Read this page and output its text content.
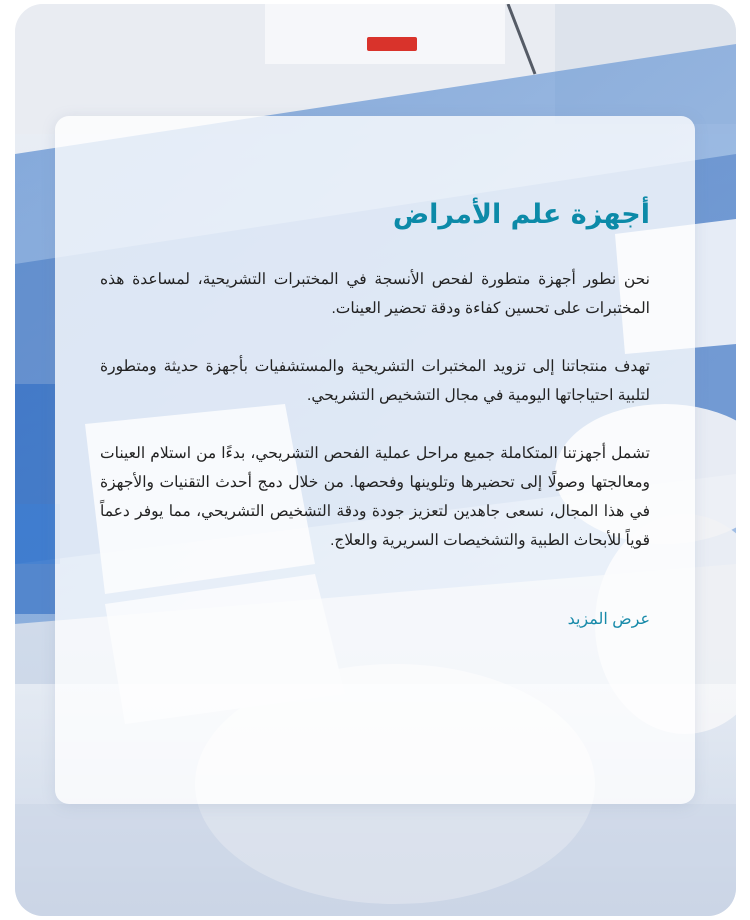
أجهزة علم الأمراض

نحن نطور أجهزة متطورة لفحص الأنسجة في المختبرات التشريحية، لمساعدة هذه المختبرات على تحسين كفاءة ودقة تحضير العينات.

تهدف منتجاتنا إلى تزويد المختبرات التشريحية والمستشفيات بأجهزة حديثة ومتطورة لتلبية احتياجاتها اليومية في مجال التشخيص التشريحي.

تشمل أجهزتنا المتكاملة جميع مراحل عملية الفحص التشريحي، بدءًا من استلام العينات ومعالجتها وصولًا إلى تحضيرها وتلوينها وفحصها. من خلال دمج أحدث التقنيات والأجهزة في هذا المجال، نسعى جاهدين لتعزيز جودة ودقة التشخيص التشريحي، مما يوفر دعماً قوياً للأبحاث الطبية والتشخيصات السريرية والعلاج.

عرض المزيد
